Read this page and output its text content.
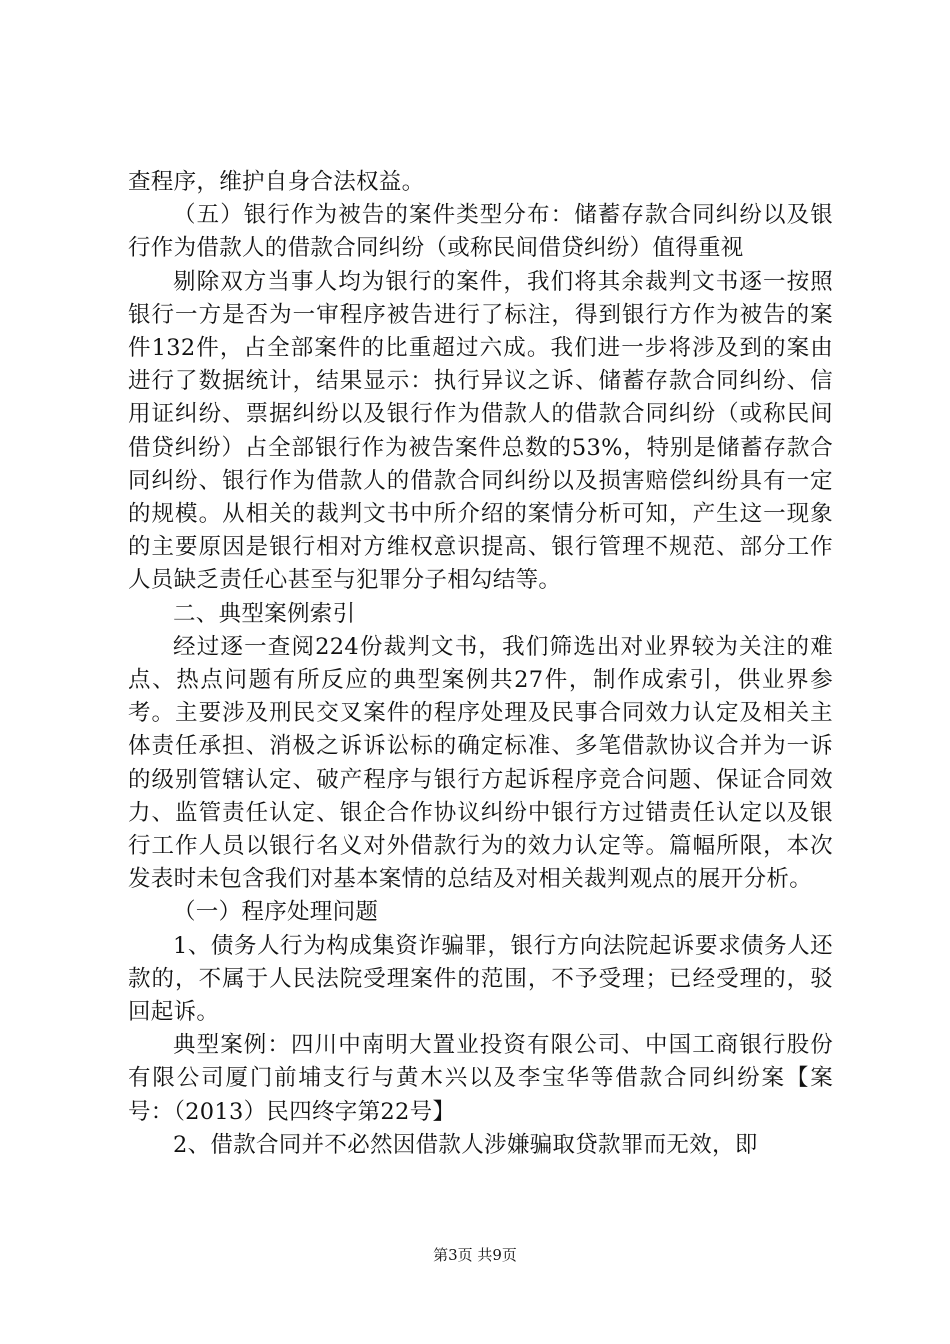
查程序，维护自身合法权益。

（五）银行作为被告的案件类型分布：储蓄存款合同纠纷以及银行作为借款人的借款合同纠纷（或称民间借贷纠纷）值得重视

剔除双方当事人均为银行的案件，我们将其余裁判文书逐一按照银行一方是否为一审程序被告进行了标注，得到银行方作为被告的案件132件，占全部案件的比重超过六成。我们进一步将涉及到的案由进行了数据统计，结果显示：执行异议之诉、储蓄存款合同纠纷、信用证纠纷、票据纠纷以及银行作为借款人的借款合同纠纷（或称民间借贷纠纷）占全部银行作为被告案件总数的53%，特别是储蓄存款合同纠纷、银行作为借款人的借款合同纠纷以及损害赔偿纠纷具有一定的规模。从相关的裁判文书中所介绍的案情分析可知，产生这一现象的主要原因是银行相对方维权意识提高、银行管理不规范、部分工作人员缺乏责任心甚至与犯罪分子相勾结等。

二、典型案例索引

经过逐一查阅224份裁判文书，我们筛选出对业界较为关注的难点、热点问题有所反应的典型案例共27件，制作成索引，供业界参考。主要涉及刑民交叉案件的程序处理及民事合同效力认定及相关主体责任承担、消极之诉诉讼标的确定标准、多笔借款协议合并为一诉的级别管辖认定、破产程序与银行方起诉程序竞合问题、保证合同效力、监管责任认定、银企合作协议纠纷中银行方过错责任认定以及银行工作人员以银行名义对外借款行为的效力认定等。篇幅所限，本次发表时未包含我们对基本案情的总结及对相关裁判观点的展开分析。

（一）程序处理问题

1、债务人行为构成集资诈骗罪，银行方向法院起诉要求债务人还款的，不属于人民法院受理案件的范围，不予受理；已经受理的，驳回起诉。

典型案例：四川中南明大置业投资有限公司、中国工商银行股份有限公司厦门前埔支行与黄木兴以及李宝华等借款合同纠纷案【案号：（2013）民四终字第22号】

2、借款合同并不必然因借款人涉嫌骗取贷款罪而无效，即

第3页 共9页
